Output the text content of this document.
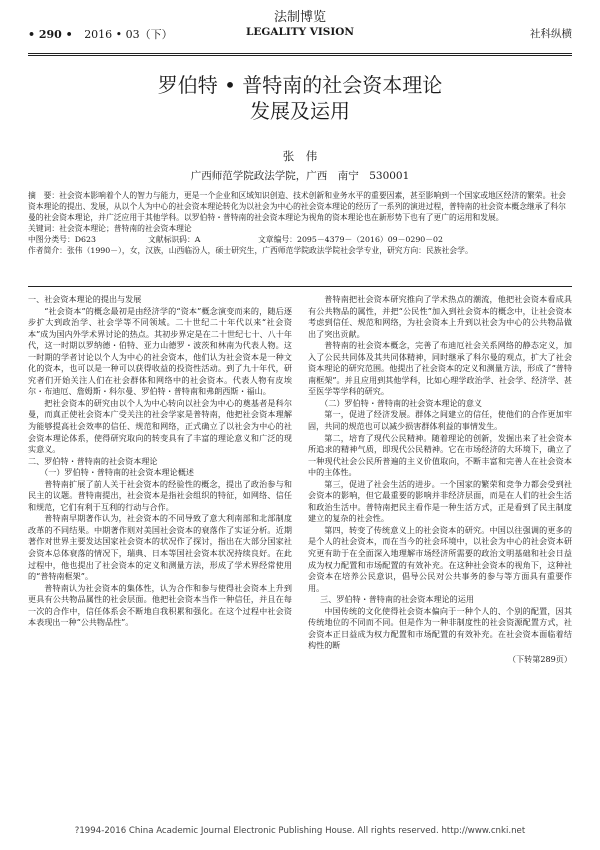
法制博览
• 290 • 2016 • 03（下）	LEGALITY VISION	社科纵横
罗伯特 • 普特南的社会资本理论
发展及运用
张　伟
广西师范学院政法学院，广西　南宁　530001

摘　要：社会资本影响着个人的智力与能力，更是一个企业和区域知识创造、技术创新和业务水平的重要因素，甚至影响到一个国家或地区经济的繁荣。社会资本理论的提出、发展，从以个人为中心的社会资本理论转化为以社会为中心的社会资本理论的经历了一系列的演进过程，普特南的社会资本概念继承了科尔曼的社会资本理论，并广泛应用于其他学科。以罗伯特・普特南的社会资本理论为视角的资本理论也在新形势下也有了更广的运用和发展。

关键词：社会资本理论；普特南的社会资本理论

中图分类号：D623	文献标识码：A	文章编号：2095－4379－（2016）09－0290－02

作者简介：张伟（1990－），女，汉族，山西临汾人，硕士研究生，广西师范学院政法学院社会学专业，研究方向：民族社会学。

一、社会资本理论的提出与发展

“社会资本”的概念最初是由经济学的“资本”概念演变而来的，随后逐步扩大到政治学、社会学等不同领域。二十世纪二十年代以来“社会资本”成为国内外学术界讨论的热点。其初步界定是在二十世纪七十、八十年代，这一时期以罗纳德・伯特、亚力山德罗・波茨和林南为代表人物。这一时期的学者讨论以个人为中心的社会资本，他们认为社会资本是一种文化的资本，也可以是一种可以获得收益的投资性活动。到了九十年代，研究者们开始关注人们在社会群体和网络中的社会资本。代表人物有皮埃尔・布迪厄、詹姆斯・科尔曼、罗伯特・普特南和弗朗西斯・福山。

把社会资本的研究由以个人为中心转向以社会为中心的奠基者是科尔曼，而真正使社会资本广受关注的社会学家是普特南，他把社会资本理解为能够提高社会效率的信任、规范和网络，正式确立了以社会为中心的社会资本理论体系，使得研究取向的转变具有了丰富的理论意义和广泛的现实意义。

二、罗伯特・普特南的社会资本理论

（一）罗伯特・普特南的社会资本理论概述

普特南扩展了前人关于社会资本的经验性的概念，提出了政治参与和民主的议题。普特南提出，社会资本是指社会组织的特征，如网络、信任和规范，它们有利于互利的行动与合作。

普特南早期著作认为，社会资本的不同导致了意大利南部和北部制度改革的不同结果。中期著作则对美国社会资本的衰落作了实证分析。近期著作对世界主要发达国家社会资本的状况作了探讨，指出在大部分国家社会资本总体衰落的情况下，瑞典、日本等国社会资本状况持续良好。在此过程中，他也提出了社会资本的定义和测量方法，形成了学术界经常使用的“普特南框架”。

普特南认为社会资本的集体性，认为合作和参与使得社会资本上升到更具有公共物品属性的社会层面。他把社会资本当作一种信任，并且在每一次的合作中，信任体系会不断地自我积累和强化。在这个过程中社会资本表现出一种“公共物品性”。

普特南把社会资本研究推向了学术热点的潮流，他把社会资本看成具有公共物品的属性，并把“公民性”加入到社会资本的概念中，让社会资本考虑到信任、规范和网络，为社会资本上升到以社会为中心的公共物品做出了突出贡献。

普特南的社会资本概念，完善了布迪厄社会关系网络的静态定义，加入了公民共同体及其共同体精神，同时继承了科尔曼的观点，扩大了社会资本理论的研究范围。他提出了社会资本的定义和测量方法，形成了“普特南框架”。并且应用到其他学科，比如心理学政治学、社会学、经济学、甚至医学等学科的研究。

（二）罗伯特・普特南的社会资本理论的意义

第一，促进了经济发展。群体之间建立的信任，使他们的合作更加牢固，共同的规范也可以减少损害群体利益的事情发生。

第二，培育了现代公民精神。随着理论的创新，发掘出来了社会资本所追求的精神气质，即现代公民精神。它在市场经济的大环境下，确立了一种现代社会公民所普遍的主义价值取向，不断丰富和完善人在社会资本中的主体性。

第三，促进了社会生活的进步。一个国家的繁荣和竞争力都会受到社会资本的影响，但它最重要的影响并非经济层面，而是在人们的社会生活和政治生活中。普特南把民主看作是一种生活方式，正是看到了民主制度建立的复杂的社会性。

第四，转变了传统意义上的社会资本的研究。中国以往强调的更多的是个人的社会资本，而在当今的社会环境中，以社会为中心的社会资本研究更有助于在全面深入地理解市场经济所需要的政治文明基础和社会日益成为权力配置和市场配置的有效补充。在这种社会资本的视角下，这种社会资本在培养公民意识，倡导公民对公共事务的参与等方面具有重要作用。

三、罗伯特・普特南的社会资本理论的运用

中国传统的文化使得社会资本偏向于一种个人的、个别的配置，因其传统地位的不同而不同。但是作为一种非制度性的社会资源配置方式，社会资本正日益成为权力配置和市场配置的有效补充。在社会资本面临着结构性的断

（下转第289页）

?1994-2016 China Academic Journal Electronic Publishing House. All rights reserved. http://www.cnki.net
